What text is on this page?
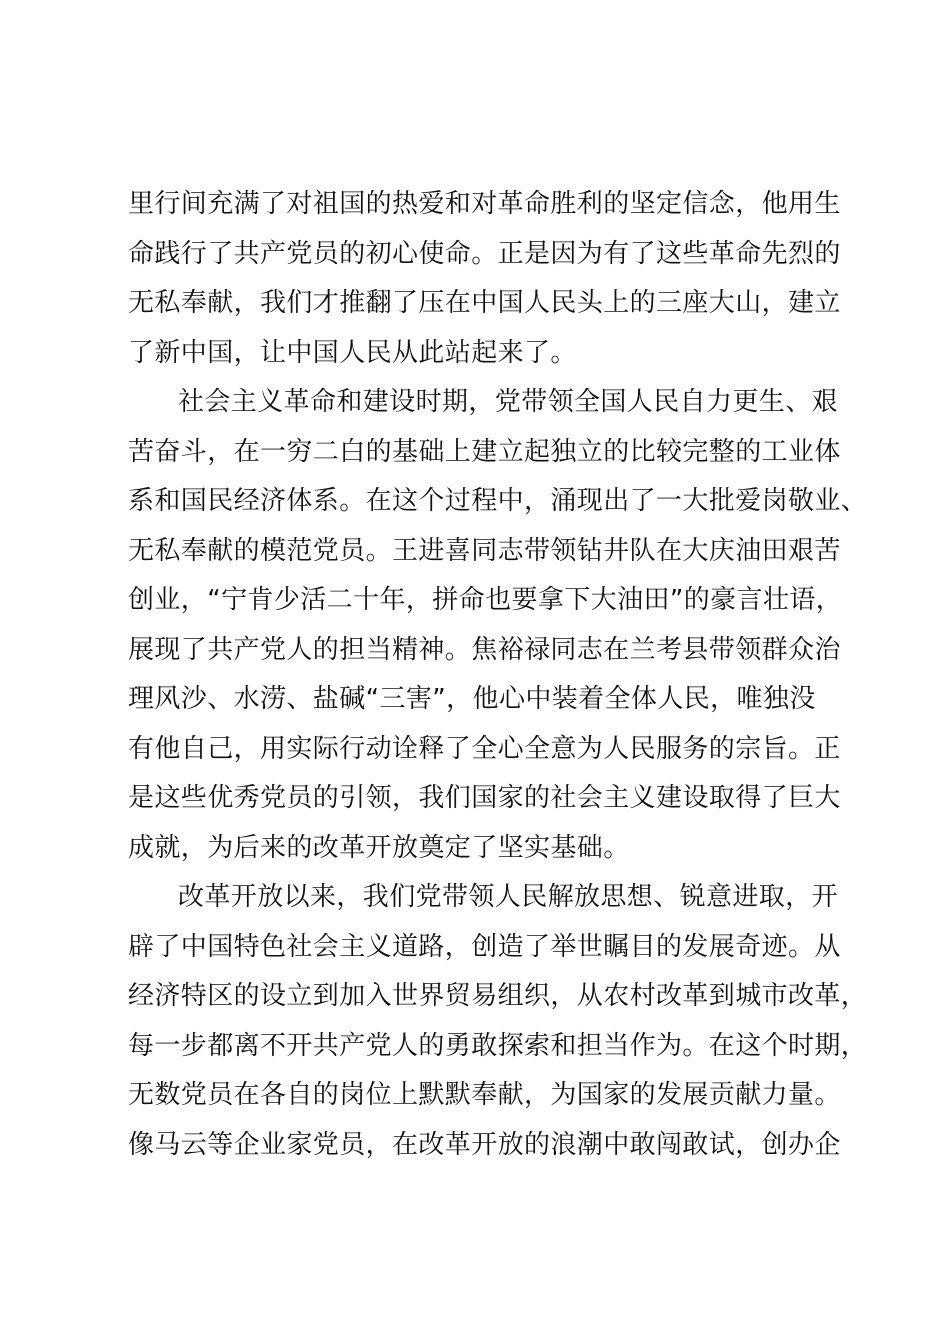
里行间充满了对祖国的热爱和对革命胜利的坚定信念，他用生
命践行了共产党员的初心使命。正是因为有了这些革命先烈的
无私奉献，我们才推翻了压在中国人民头上的三座大山，建立
了新中国，让中国人民从此站起来了。
社会主义革命和建设时期，党带领全国人民自力更生、艰
苦奋斗，在一穷二白的基础上建立起独立的比较完整的工业体
系和国民经济体系。在这个过程中，涌现出了一大批爱岗敬业、
无私奉献的模范党员。王进喜同志带领钻井队在大庆油田艰苦
创业，“宁肯少活二十年，拼命也要拿下大油田”的豪言壮语，
展现了共产党人的担当精神。焦裕禄同志在兰考县带领群众治
理风沙、水涝、盐碱“三害”，他心中装着全体人民，唯独没
有他自己，用实际行动诠释了全心全意为人民服务的宗旨。正
是这些优秀党员的引领，我们国家的社会主义建设取得了巨大
成就，为后来的改革开放奠定了坚实基础。
改革开放以来，我们党带领人民解放思想、锐意进取，开
辟了中国特色社会主义道路，创造了举世瞩目的发展奇迹。从
经济特区的设立到加入世界贸易组织，从农村改革到城市改革，
每一步都离不开共产党人的勇敢探索和担当作为。在这个时期，
无数党员在各自的岗位上默默奉献，为国家的发展贡献力量。
像马云等企业家党员，在改革开放的浪潮中敢闯敢试，创办企
